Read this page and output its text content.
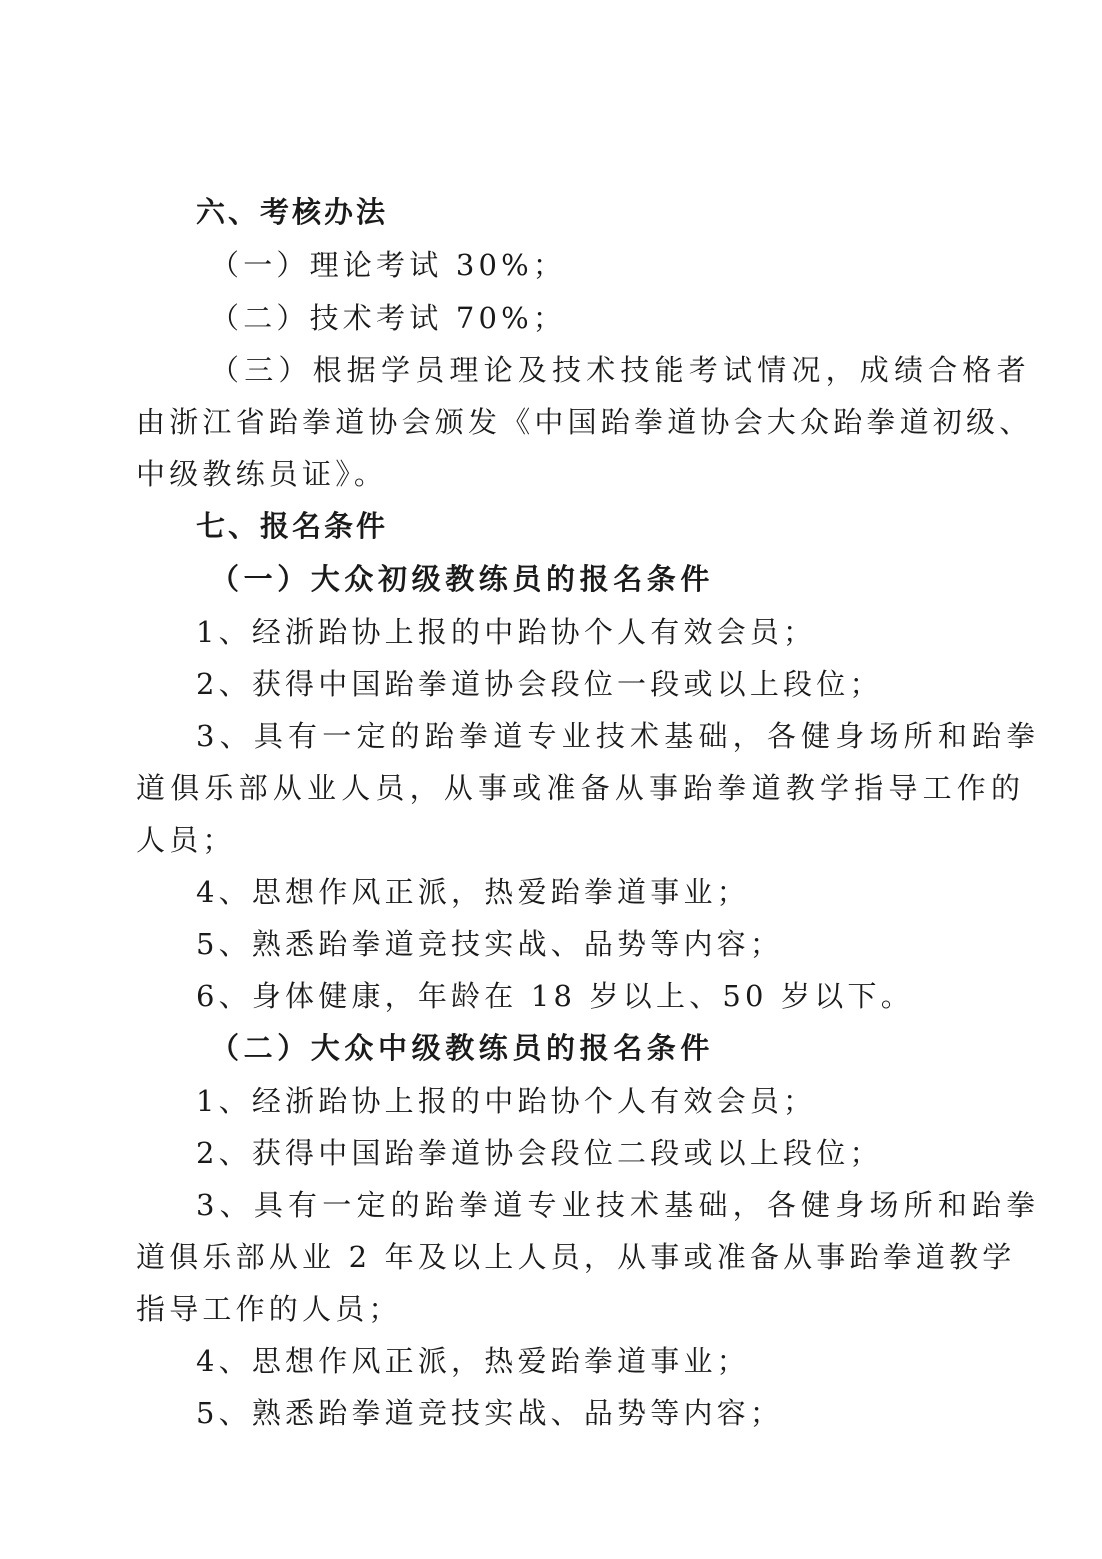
六、考核办法
（一）理论考试 30%；
（二）技术考试 70%；
（三）根据学员理论及技术技能考试情况，成绩合格者
由浙江省跆拳道协会颁发《中国跆拳道协会大众跆拳道初级、
中级教练员证》。
七、报名条件
（一）大众初级教练员的报名条件
1、经浙跆协上报的中跆协个人有效会员；
2、获得中国跆拳道协会段位一段或以上段位；
3、具有一定的跆拳道专业技术基础，各健身场所和跆拳
道俱乐部从业人员，从事或准备从事跆拳道教学指导工作的
人员；
4、思想作风正派，热爱跆拳道事业；
5、熟悉跆拳道竞技实战、品势等内容；
6、身体健康，年龄在 18 岁以上、50 岁以下。
（二）大众中级教练员的报名条件
1、经浙跆协上报的中跆协个人有效会员；
2、获得中国跆拳道协会段位二段或以上段位；
3、具有一定的跆拳道专业技术基础，各健身场所和跆拳
道俱乐部从业 2 年及以上人员，从事或准备从事跆拳道教学
指导工作的人员；
4、思想作风正派，热爱跆拳道事业；
5、熟悉跆拳道竞技实战、品势等内容；
